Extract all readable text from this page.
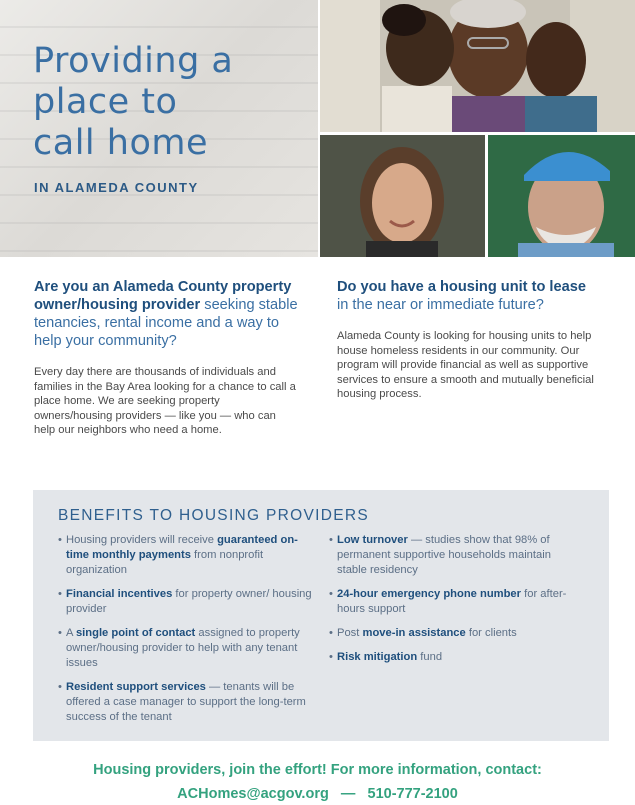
Providing a
place to
call home
IN ALAMEDA COUNTY

Are you an Alameda County property owner/housing provider seeking stable tenancies, rental income and a way to help your community?

Every day there are thousands of individuals and families in the Bay Area looking for a chance to call a place home. We are seeking property owners/housing providers — like you — who can help our neighbors who need a home.

Do you have a housing unit to lease in the near or immediate future?

Alameda County is looking for housing units to help house homeless residents in our community. Our program will provide financial as well as supportive services to ensure a smooth and mutually beneficial housing process.

BENEFITS TO HOUSING PROVIDERS
• Housing providers will receive guaranteed on-time monthly payments from nonprofit organization
• Financial incentives for property owner/ housing provider
• A single point of contact assigned to property owner/housing provider to help with any tenant issues
• Resident support services — tenants will be offered a case manager to support the long-term success of the tenant
• Low turnover — studies show that 98% of permanent supportive households maintain stable residency
• 24-hour emergency phone number for after-hours support
• Post move-in assistance for clients
• Risk mitigation fund
Housing providers, join the effort! For more information, contact:
ACHomes@acgov.org — 510-777-2100
